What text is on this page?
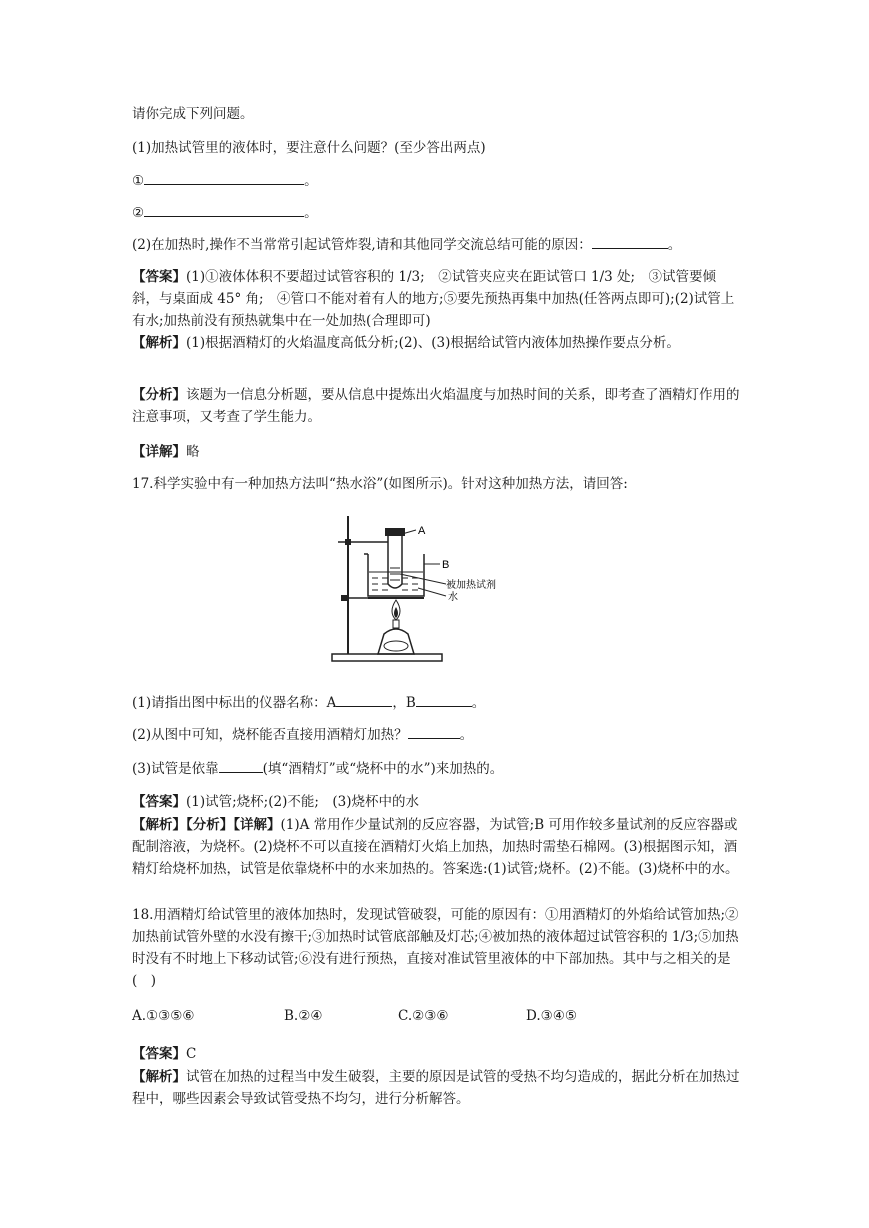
请你完成下列问题。
(1)加热试管里的液体时，要注意什么问题？(至少答出两点)
①	。
②	。
(2)在加热时,操作不当常常引起试管炸裂,请和其他同学交流总结可能的原因：	。
【答案】(1)①液体体积不要超过试管容积的 1/3;　②试管夹应夹在距试管口 1/3 处;　③试管要倾斜，与桌面成 45° 角;　④管口不能对着有人的地方;⑤要先预热再集中加热(任答两点即可);(2)试管上有水;加热前没有预热就集中在一处加热(合理即可)
【解析】(1)根据酒精灯的火焰温度高低分析;(2)、(3)根据给试管内液体加热操作要点分析。
【分析】该题为一信息分析题，要从信息中提炼出火焰温度与加热时间的关系，即考查了酒精灯作用的注意事项，又考查了学生能力。
【详解】略
17.科学实验中有一种加热方法叫“热水浴”(如图所示)。针对这种加热方法，请回答:
A
B
被加热试剂
水
(1)请指出图中标出的仪器名称：A	，B	。
(2)从图中可知，烧杯能否直接用酒精灯加热？	。
(3)试管是依靠	(填“酒精灯”或“烧杯中的水”)来加热的。
【答案】(1)试管;烧杯;(2)不能;　(3)烧杯中的水
【解析】【分析】【详解】(1)A 常用作少量试剂的反应容器，为试管;B 可用作较多量试剂的反应容器或配制溶液，为烧杯。(2)烧杯不可以直接在酒精灯火焰上加热，加热时需垫石棉网。(3)根据图示知，酒精灯给烧杯加热，试管是依靠烧杯中的水来加热的。答案选:(1)试管;烧杯。(2)不能。(3)烧杯中的水。
18.用酒精灯给试管里的液体加热时，发现试管破裂，可能的原因有：①用酒精灯的外焰给试管加热;②加热前试管外壁的水没有擦干;③加热时试管底部触及灯芯;④被加热的液体超过试管容积的 1/3;⑤加热时没有不时地上下移动试管;⑥没有进行预热，直接对准试管里液体的中下部加热。其中与之相关的是(　)
A.①③⑤⑥	B.②④	C.②③⑥	D.③④⑤
【答案】C
【解析】试管在加热的过程当中发生破裂，主要的原因是试管的受热不均匀造成的，据此分析在加热过程中，哪些因素会导致试管受热不均匀，进行分析解答。
